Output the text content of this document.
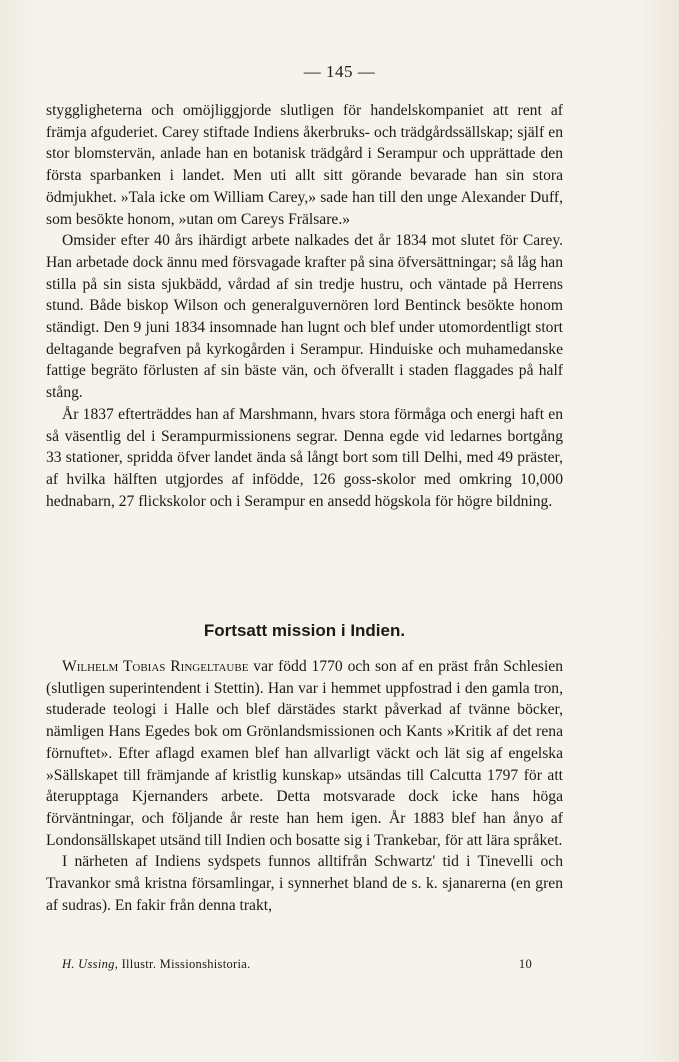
— 145 —

styggligheterna och omöjliggjorde slutligen för handelskompaniet att rent af främja afguderiet. Carey stiftade Indiens åkerbruks- och trädgårdssällskap; själf en stor blomstervän, anlade han en botanisk trädgård i Serampur och upprättade den första sparbanken i landet. Men uti allt sitt görande bevarade han sin stora ödmjukhet. »Tala icke om William Carey,» sade han till den unge Alexander Duff, som besökte honom, »utan om Careys Frälsare.»

Omsider efter 40 års ihärdigt arbete nalkades det år 1834 mot slutet för Carey. Han arbetade dock ännu med försvagade krafter på sina öfversättningar; så låg han stilla på sin sista sjukbädd, vårdad af sin tredje hustru, och väntade på Herrens stund. Både biskop Wilson och generalguvernören lord Bentinck besökte honom ständigt. Den 9 juni 1834 insomnade han lugnt och blef under utomordentligt stort deltagande begrafven på kyrkogården i Serampur. Hinduiske och muhamedanske fattige begräto förlusten af sin bäste vän, och öfverallt i staden flaggades på half stång.

År 1837 efterträddes han af Marshmann, hvars stora förmåga och energi haft en så väsentlig del i Serampurmissionens segrar. Denna egde vid ledarnes bortgång 33 stationer, spridda öfver landet ända så långt bort som till Delhi, med 49 präster, af hvilka hälften utgjordes af infödde, 126 goss-skolor med omkring 10,000 hednabarn, 27 flickskolor och i Serampur en ansedd högskola för högre bildning.

Fortsatt mission i Indien.

Wilhelm Tobias Ringeltaube var född 1770 och son af en präst från Schlesien (slutligen superintendent i Stettin). Han var i hemmet uppfostrad i den gamla tron, studerade teologi i Halle och blef därstädes starkt påverkad af tvänne böcker, nämligen Hans Egedes bok om Grönlandsmissionen och Kants »Kritik af det rena förnuftet». Efter aflagd examen blef han allvarligt väckt och lät sig af engelska »Sällskapet till främjande af kristlig kunskap» utsändas till Calcutta 1797 för att återupptaga Kjernanders arbete. Detta motsvarade dock icke hans höga förväntningar, och följande år reste han hem igen. År 1883 blef han ånyo af Londonsällskapet utsänd till Indien och bosatte sig i Trankebar, för att lära språket.

I närheten af Indiens sydspets funnos alltifrån Schwartz' tid i Tinevelli och Travankor små kristna församlingar, i synnerhet bland de s. k. sjanarerna (en gren af sudras). En fakir från denna trakt,

H. Ussing, Illustr. Missionshistoria.	10
